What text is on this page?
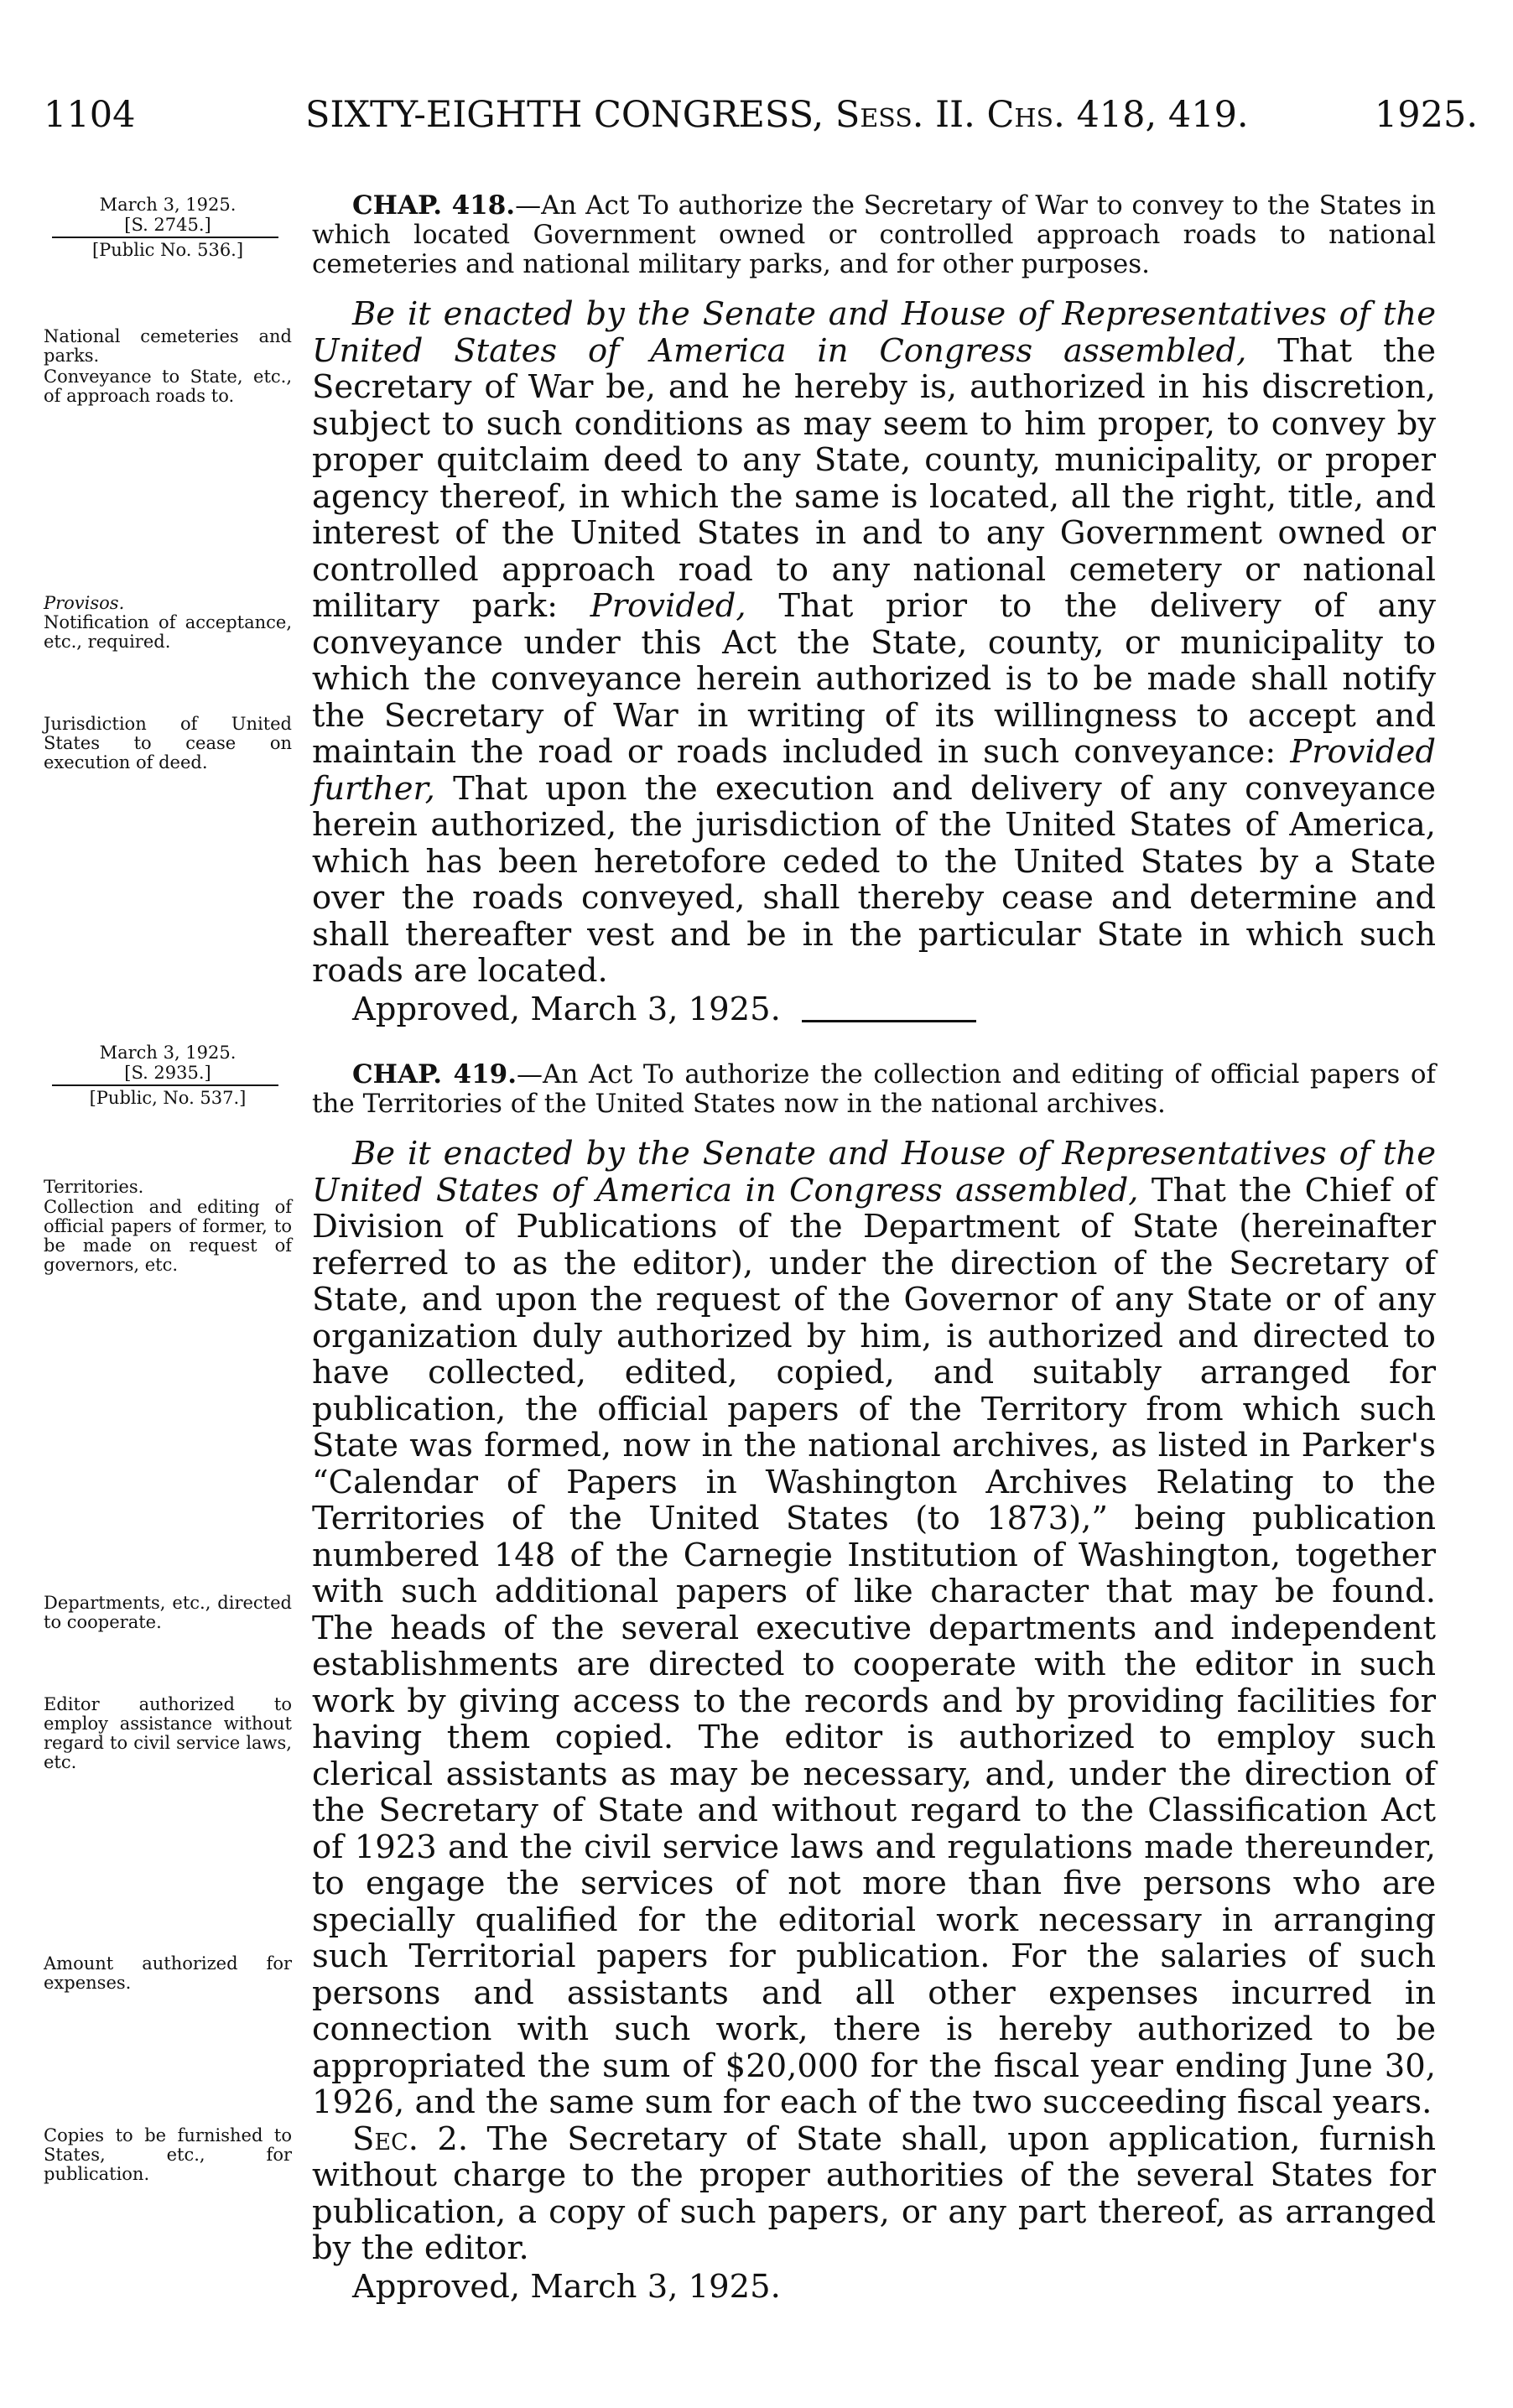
1104	SIXTY-EIGHTH CONGRESS, Sess. II. Chs. 418, 419.	1925.
March 3, 1925.
[S. 2745.]
[Public No. 536.]
National cemeteries and parks.
Conveyance to State, etc., of approach roads to.
Provisos.
Notification of acceptance, etc., required.
Jurisdiction of United States to cease on execution of deed.
CHAP. 418.—An Act To authorize the Secretary of War to convey to the States in which located Government owned or controlled approach roads to national cemeteries and national military parks, and for other purposes.
Be it enacted by the Senate and House of Representatives of the United States of America in Congress assembled, That the Secretary of War be, and he hereby is, authorized in his discretion, subject to such conditions as may seem to him proper, to convey by proper quitclaim deed to any State, county, municipality, or proper agency thereof, in which the same is located, all the right, title, and interest of the United States in and to any Government owned or controlled approach road to any national cemetery or national military park: Provided, That prior to the delivery of any conveyance under this Act the State, county, or municipality to which the conveyance herein authorized is to be made shall notify the Secretary of War in writing of its willingness to accept and maintain the road or roads included in such conveyance: Provided further, That upon the execution and delivery of any conveyance herein authorized, the jurisdiction of the United States of America, which has been heretofore ceded to the United States by a State over the roads conveyed, shall thereby cease and determine and shall thereafter vest and be in the particular State in which such roads are located.
Approved, March 3, 1925.
March 3, 1925.
[S. 2935.]
[Public, No. 537.]
Territories.
Collection and editing of official papers of former, to be made on request of governors, etc.
Departments, etc., directed to cooperate.
Editor authorized to employ assistance without regard to civil service laws, etc.
Amount authorized for expenses.
Copies to be furnished to States, etc., for publication.
CHAP. 419.—An Act To authorize the collection and editing of official papers of the Territories of the United States now in the national archives.
Be it enacted by the Senate and House of Representatives of the United States of America in Congress assembled, That the Chief of Division of Publications of the Department of State (hereinafter referred to as the editor), under the direction of the Secretary of State, and upon the request of the Governor of any State or of any organization duly authorized by him, is authorized and directed to have collected, edited, copied, and suitably arranged for publication, the official papers of the Territory from which such State was formed, now in the national archives, as listed in Parker's “Calendar of Papers in Washington Archives Relating to the Territories of the United States (to 1873),” being publication numbered 148 of the Carnegie Institution of Washington, together with such additional papers of like character that may be found. The heads of the several executive departments and independent establishments are directed to cooperate with the editor in such work by giving access to the records and by providing facilities for having them copied. The editor is authorized to employ such clerical assistants as may be necessary, and, under the direction of the Secretary of State and without regard to the Classification Act of 1923 and the civil service laws and regulations made thereunder, to engage the services of not more than five persons who are specially qualified for the editorial work necessary in arranging such Territorial papers for publication. For the salaries of such persons and assistants and all other expenses incurred in connection with such work, there is hereby authorized to be appropriated the sum of $20,000 for the fiscal year ending June 30, 1926, and the same sum for each of the two succeeding fiscal years.
Sec. 2. The Secretary of State shall, upon application, furnish without charge to the proper authorities of the several States for publication, a copy of such papers, or any part thereof, as arranged by the editor.
Approved, March 3, 1925.
